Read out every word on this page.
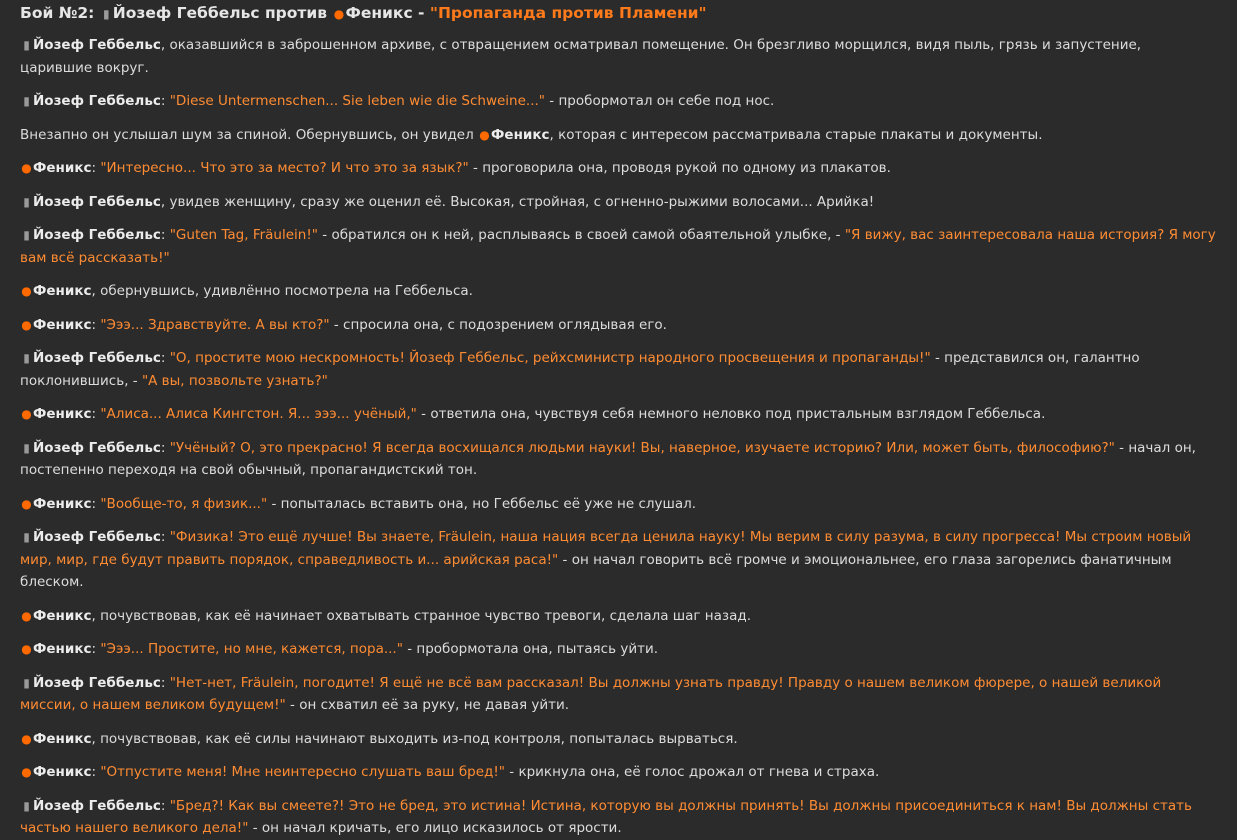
Бой №2: ▮ Йозеф Геббельс против ●Феникс - "Пропаганда против Пламени"

▮ Йозеф Геббельс, оказавшийся в заброшенном архиве, с отвращением осматривал помещение. Он брезгливо морщился, видя пыль, грязь и запустение, царившие вокруг.

▮ Йозеф Геббельс: "Diese Untermenschen... Sie leben wie die Schweine..." - пробормотал он себе под нос.

Внезапно он услышал шум за спиной. Обернувшись, он увидел ●Феникс, которая с интересом рассматривала старые плакаты и документы.

●Феникс: "Интересно... Что это за место? И что это за язык?" - проговорила она, проводя рукой по одному из плакатов.

▮ Йозеф Геббельс, увидев женщину, сразу же оценил её. Высокая, стройная, с огненно-рыжими волосами... Арийка!

▮ Йозеф Геббельс: "Guten Tag, Fräulein!" - обратился он к ней, расплываясь в своей самой обаятельной улыбке, - "Я вижу, вас заинтересовала наша история? Я могу вам всё рассказать!"

●Феникс, обернувшись, удивлённо посмотрела на Геббельса.

●Феникс: "Эээ... Здравствуйте. А вы кто?" - спросила она, с подозрением оглядывая его.

▮ Йозеф Геббельс: "О, простите мою нескромность! Йозеф Геббельс, рейхсминистр народного просвещения и пропаганды!" - представился он, галантно поклонившись, - "А вы, позвольте узнать?"

●Феникс: "Алиса... Алиса Кингстон. Я... эээ... учёный," - ответила она, чувствуя себя немного неловко под пристальным взглядом Геббельса.

▮ Йозеф Геббельс: "Учёный? О, это прекрасно! Я всегда восхищался людьми науки! Вы, наверное, изучаете историю? Или, может быть, философию?" - начал он, постепенно переходя на свой обычный, пропагандистский тон.

●Феникс: "Вообще-то, я физик..." - попыталась вставить она, но Геббельс её уже не слушал.

▮ Йозеф Геббельс: "Физика! Это ещё лучше! Вы знаете, Fräulein, наша нация всегда ценила науку! Мы верим в силу разума, в силу прогресса! Мы строим новый мир, мир, где будут править порядок, справедливость и... арийская раса!" - он начал говорить всё громче и эмоциональнее, его глаза загорелись фанатичным блеском.

●Феникс, почувствовав, как её начинает охватывать странное чувство тревоги, сделала шаг назад.

●Феникс: "Эээ... Простите, но мне, кажется, пора..." - пробормотала она, пытаясь уйти.

▮ Йозеф Геббельс: "Нет-нет, Fräulein, погодите! Я ещё не всё вам рассказал! Вы должны узнать правду! Правду о нашем великом фюрере, о нашей великой миссии, о нашем великом будущем!" - он схватил её за руку, не давая уйти.

●Феникс, почувствовав, как её силы начинают выходить из-под контроля, попыталась вырваться.

●Феникс: "Отпустите меня! Мне неинтересно слушать ваш бред!" - крикнула она, её голос дрожал от гнева и страха.

▮ Йозеф Геббельс: "Бред?! Как вы смеете?! Это не бред, это истина! Истина, которую вы должны принять! Вы должны присоединиться к нам! Вы должны стать частью нашего великого дела!" - он начал кричать, его лицо исказилось от ярости.
